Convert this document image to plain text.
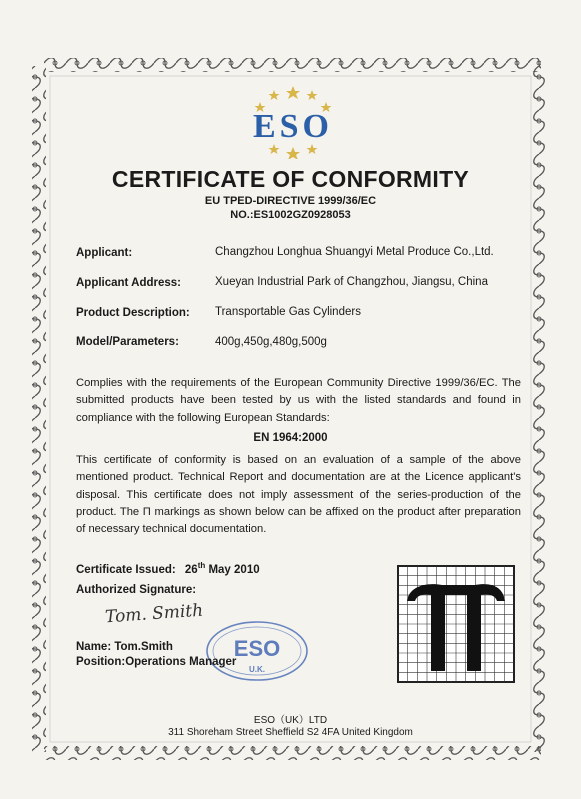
ESO
CERTIFICATE OF CONFORMITY
EU TPED-DIRECTIVE 1999/36/EC
NO.:ES1002GZ0928053
Applicant:	Changzhou Longhua Shuangyi Metal Produce Co.,Ltd.
Applicant Address:	Xueyan Industrial Park of Changzhou, Jiangsu, China
Product Description: Transportable Gas Cylinders
Model/Parameters:	400g,450g,480g,500g
Complies with the requirements of the European Community Directive 1999/36/EC. The submitted products have been tested by us with the listed standards and found in compliance with the following European Standards:
EN 1964:2000
This certificate of conformity is based on an evaluation of a sample of the above mentioned product. Technical Report and documentation are at the Licence applicant's disposal. This certificate does not imply assessment of the series-production of the product. The Π markings as shown below can be affixed on the product after preparation of necessary technical documentation.
Certificate Issued: 26th May 2010
Authorized Signature:
Tom. Smith
ESO
U.K.
Name: Tom.Smith
Position:Operations Manager
ESO（UK）LTD
311 Shoreham Street Sheffield S2 4FA United Kingdom
